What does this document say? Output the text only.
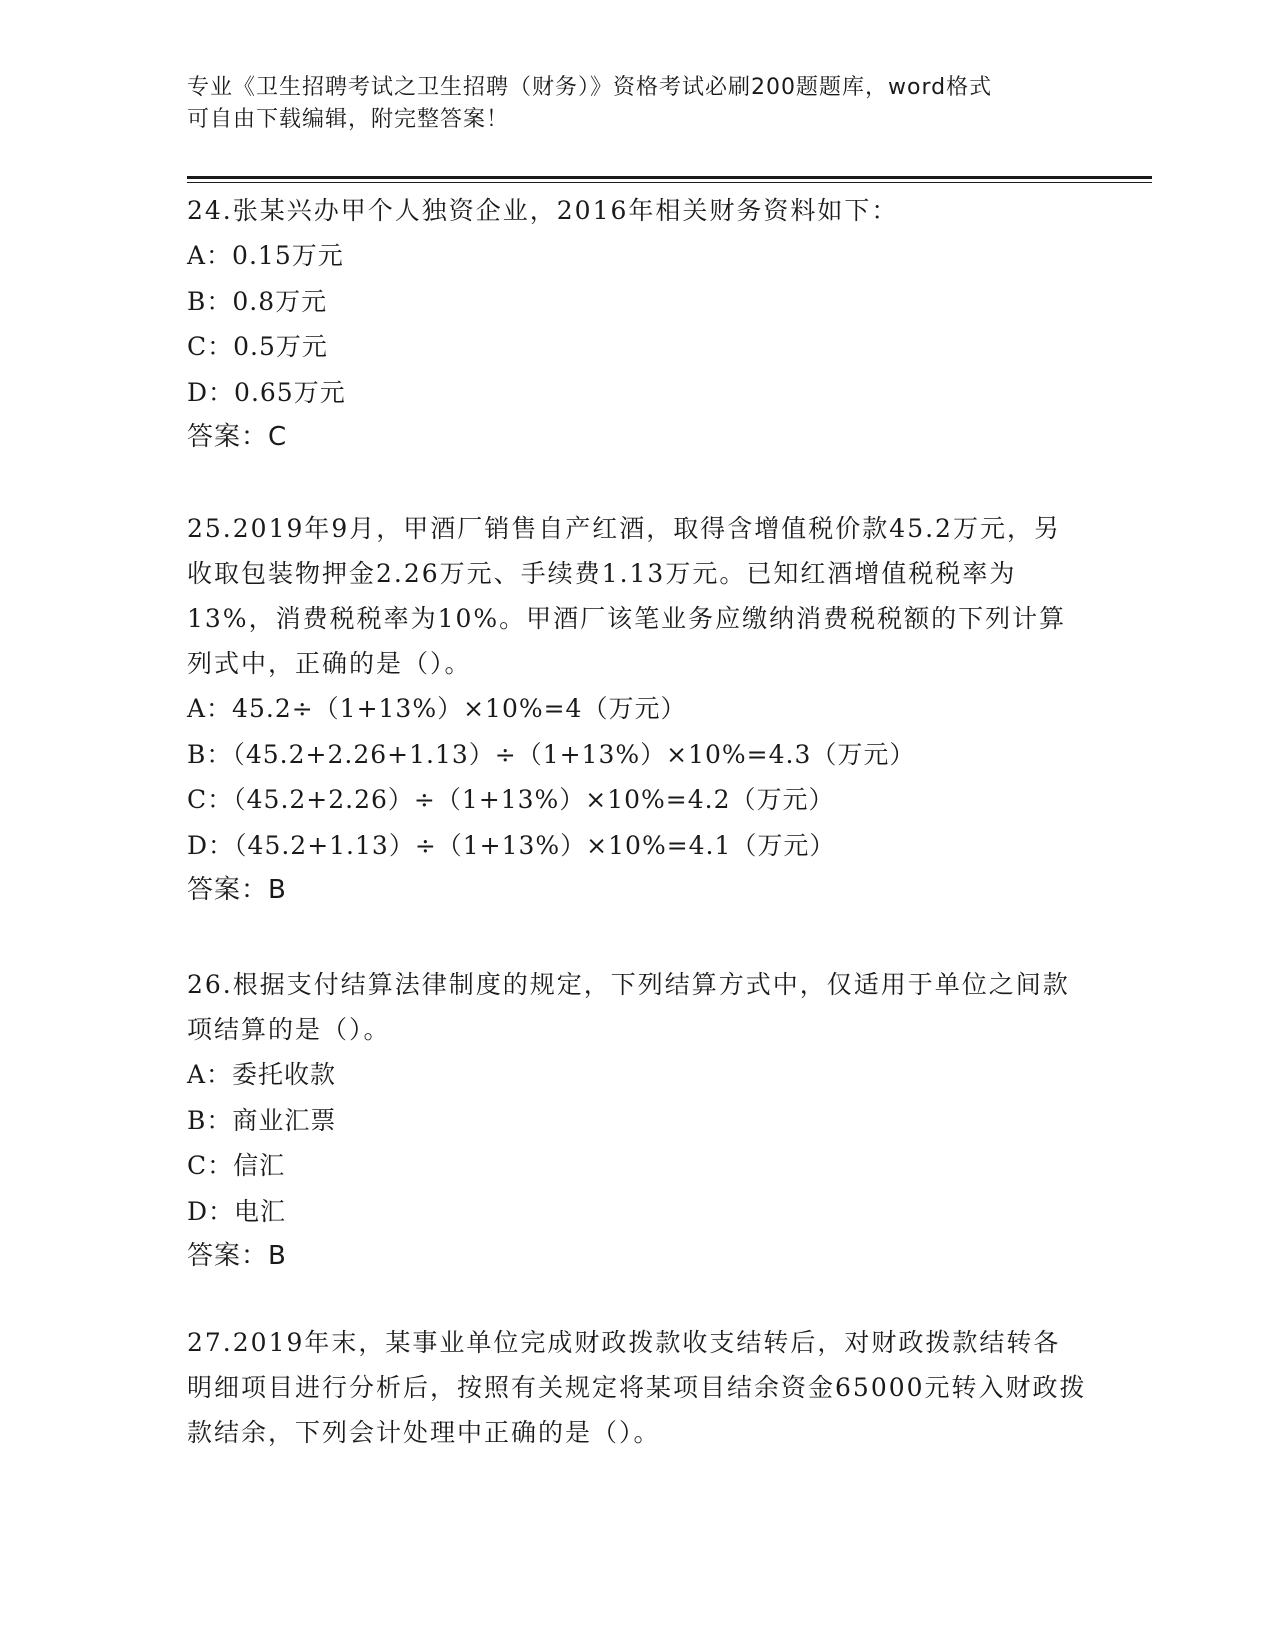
专业《卫生招聘考试之卫生招聘（财务）》资格考试必刷200题题库，word格式
可自由下载编辑，附完整答案！
24.张某兴办甲个人独资企业，2016年相关财务资料如下：
A：0.15万元
B：0.8万元
C：0.5万元
D：0.65万元
答案：C
25.2019年9月，甲酒厂销售自产红酒，取得含增值税价款45.2万元，另收取包装物押金2.26万元、手续费1.13万元。已知红酒增值税税率为13%，消费税税率为10%。甲酒厂该笔业务应缴纳消费税税额的下列计算列式中，正确的是（）。
A：45.2÷（1+13%）×10%=4（万元）
B：（45.2+2.26+1.13）÷（1+13%）×10%=4.3（万元）
C：（45.2+2.26）÷（1+13%）×10%=4.2（万元）
D：（45.2+1.13）÷（1+13%）×10%=4.1（万元）
答案：B
26.根据支付结算法律制度的规定，下列结算方式中，仅适用于单位之间款项结算的是（）。
A：委托收款
B：商业汇票
C：信汇
D：电汇
答案：B
27.2019年末，某事业单位完成财政拨款收支结转后，对财政拨款结转各明细项目进行分析后，按照有关规定将某项目结余资金65000元转入财政拨款结余，下列会计处理中正确的是（）。
